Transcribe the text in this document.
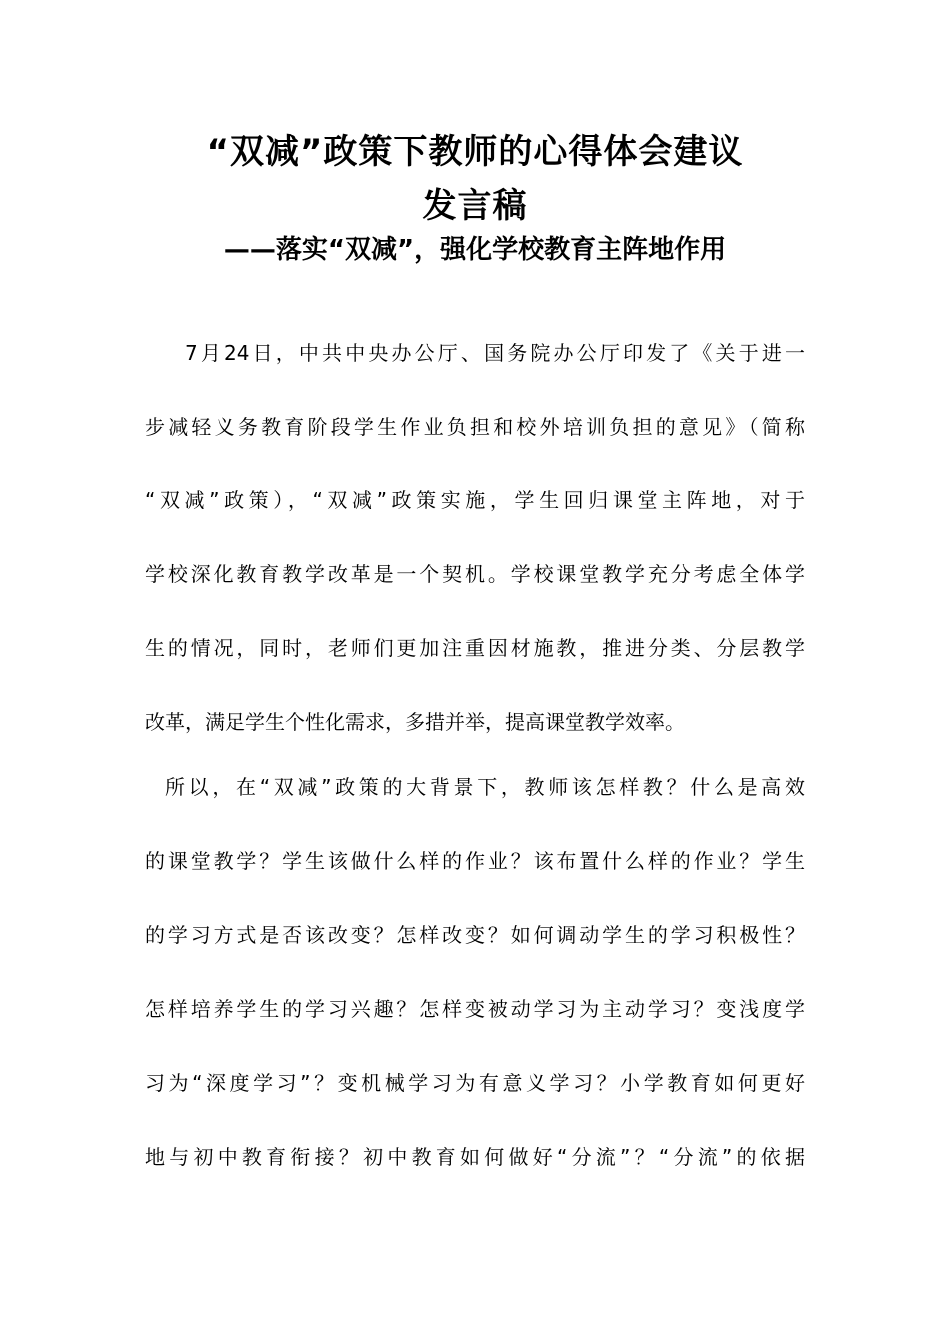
“双减”政策下教师的心得体会建议
发言稿
——落实“双减”，强化学校教育主阵地作用
7月24日，中共中央办公厅、国务院办公厅印发了《关于进一
步减轻义务教育阶段学生作业负担和校外培训负担的意见》（简称
“双减”政策），“双减”政策实施，学生回归课堂主阵地，对于
学校深化教育教学改革是一个契机。学校课堂教学充分考虑全体学
生的情况，同时，老师们更加注重因材施教，推进分类、分层教学
改革，满足学生个性化需求，多措并举，提高课堂教学效率。
所以，在“双减”政策的大背景下，教师该怎样教？什么是高效
的课堂教学？学生该做什么样的作业？该布置什么样的作业？学生
的学习方式是否该改变？怎样改变？如何调动学生的学习积极性？
怎样培养学生的学习兴趣？怎样变被动学习为主动学习？变浅度学
习为“深度学习”？变机械学习为有意义学习？小学教育如何更好
地与初中教育衔接？初中教育如何做好“分流”？“分流”的依据
